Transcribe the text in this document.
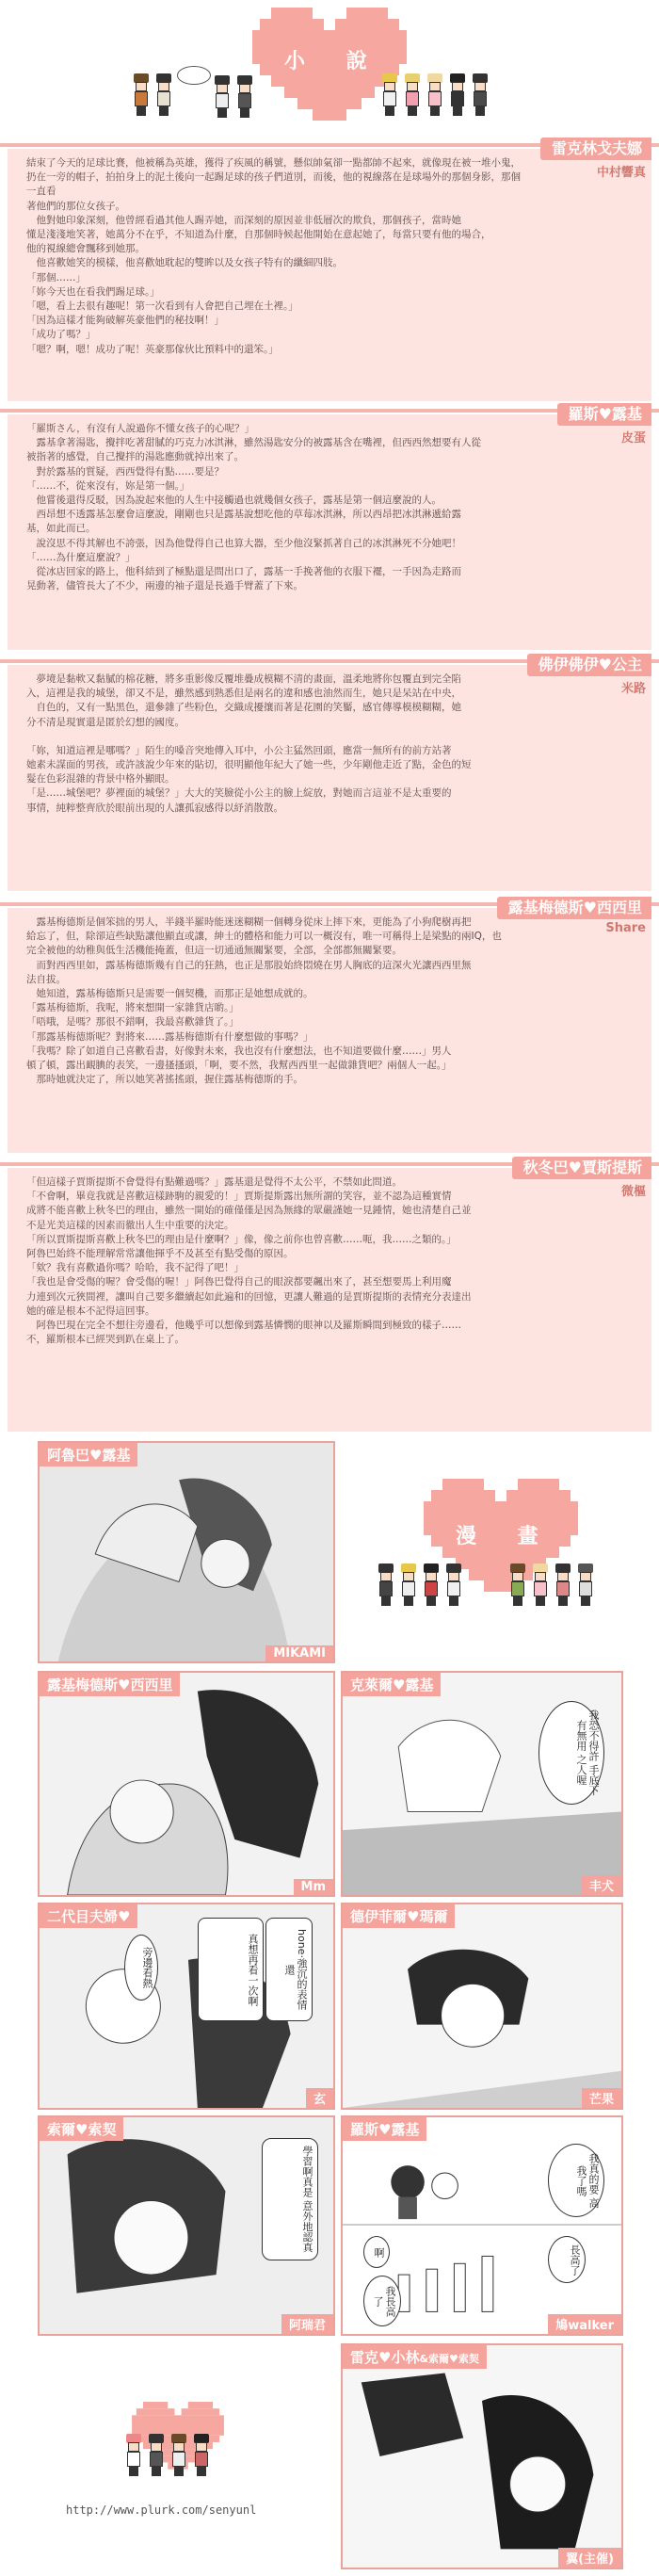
小 說
雷克林戈夫娜
中村響真

結束了今天的足球比賽，他被稱為英雄，獲得了疾風的稱號，懸似帥氣卻一點都帥不起來，就像現在被一堆小鬼，

扔在一旁的帽子，拍拍身上的泥土後向一起踢足球的孩子們道別，而後，他的視線落在是球場外的那個身影，那個一直看

著他們的那位女孩子。

　他對她印象深刻，他曾經看過其他人踢弄她，而深刻的原因並非低層次的欺負，那個孩子，當時她

懂是淺淺地笑著，她萬分不在乎，不知道為什麼，自那個時候起他開始在意起她了，每當只要有他的場合，

他的視線總會飄移到她那。

　他喜歡她笑的模樣，他喜歡她耽起的雙眸以及女孩子特有的纖細四肢。

「那個……」

「妳今天也在看我們踢足球。」

「嗯，看上去很有趣呢！第一次看到有人會把自己埋在土裡。」

「因為這樣才能夠破解英豪他們的秘技啊！」

「成功了嗎？」

「嗯？啊，嗯！成功了呢！英豪那傢伙比預料中的還笨。」

羅斯♥露基
皮蛋

「羅斯さん，有沒有人說過你不懂女孩子的心呢？」

　露基拿著湯匙，攪拌吃著甜膩的巧克力冰淇淋，雖然湯匙安分的被露基含在嘴裡，但西西然想要有人從

被指著的感覺，自己攪拌的湯匙應動就掉出來了。

　對於露基的質疑，西西覺得有點……要是？

「……不，從來沒有，妳是第一個。」

　他嘗後還得反駁，因為說起來他的人生中接觸過也就幾個女孩子，露基是第一個這麼說的人。

　西昂想不透露基怎麼會這麼說，剛剛也只是露基說想吃他的草莓冰淇淋，所以西昂把冰淇淋遞給露

基，如此而已。

　說沒思不得其解也不誇張，因為他覺得自己也算大器，至少他沒緊抓著自己的冰淇淋死不分她吧！

「……為什麼這麼說？」

　從冰店回家的路上，他科結到了極點還是問出口了，露基一手挽著他的衣服下襬，一手因為走路而

晃動著，儘管長大了不少，兩邊的袖子還是長過手臂蓋了下來。

佛伊佛伊♥公主
米路

　夢境是黏軟又黏膩的棉花糖，將多重影像反覆堆疊成模糊不清的畫面，溫柔地將你包覆直到完全陷

入，這裡是我的城堡，卻又不是，雖然感到熟悉但是兩名的違和感也油然而生，她只是呆站在中央，

　自色的，又有一點黑色，還參雜了些粉色，交織成擾攘而著是花園的笑靨，感官傳導模模糊糊，她

分不清是現實還是匿於幻想的國度。

「妳，知道這裡是哪嗎？」陌生的嗓音突地傳入耳中，小公主猛然回頭，應當一無所有的前方站著

她素未謀面的男孩，或許該說少年來的貼切，很明顯他年紀大了她一些，少年剛他走近了點，金色的短

髮在色彩混雜的背景中格外顯眼。

「是……城堡吧？夢裡面的城堡？」大大的笑臉從小公主的臉上綻放，對她而言這並不是太重要的

事情，純粹整齊欣於眼前出現的人讓孤寂感得以紓消散散。

露基梅德斯♥西西里
Share

　露基梅德斯是個笨拙的男人，半錢半羅時能迷迷糊糊一個轉身從床上摔下來，更能為了小狗爬樹再把

給忘了，但，除卻這些缺點讓他顯直或讓，紳士的體格和能力可以一概沒有，唯一可稱得上是梁點的兩IQ，也

完全被他的幼稚與低生活機能掩蓋，但這一切通通無關緊要，全部，全部都無關緊要。

　而對西西里如，露基梅德斯幾有自己的狂熱，也正是那股始終悶燒在男人胸底的這深火光讓西西里無

法自拔。

　她知道，露基梅德斯只是需要一個契機，而那正是她想成就的。

「露基梅德斯，我呢，將來想開一家雜貨店喲。」

「唔哦，是嗎？那很不錯啊，我最喜歡雜貨了。」

「那露基梅德斯呢？對將來……露基梅德斯有什麼想做的事嗎？」

「我嗎？除了如道自己喜歡看書，好像對未來，我也沒有什麼想法，也不知道要做什麼……」男人

頓了頓，露出靦腆的表笑，一邊搔搔頭，「啊，要不然，我幫西西里一起做雜貨吧？兩個人一起。」

　那時她就決定了，所以她笑著搖搖頭，握住露基梅德斯的手。

秋冬巴♥賈斯提斯
微樞

「但這樣子賈斯提斯不會覺得有點難過嗎？」露基還是覺得不太公平，不禁如此問道。

「不會啊，畢竟我就是喜歡這樣跡駒的親愛的！」賈斯提斯露出無所謂的笑容，並不認為這種實情

成將不能喜歡上秋冬巴的理由，雖然一開始的確僅僅是因為無緣的眾嚴謹她一見鍾情，她也清楚自己並

不是光美這樣的因素而徹出人生中重要的決定。

「所以賈斯提斯喜歡上秋冬巴的理由是什麼啊？」像，像之前你也曾喜歡……呃，我……之類的。」

阿魯巴始終不能理解常常讓他揮乎不及甚至有點受傷的原因。

「欸？我有喜歡過你嗎？哈哈，我不記得了吧！」

「我也是會受傷的喔？會受傷的喔！」阿魯巴覺得自己的眼淚都要飆出來了，甚至想要馬上利用魔

力連到次元狹間裡，讓叫自己要多繼續起如此遍和的回憶，更讓人難過的是賈斯提斯的表情充分表達出

她的確是根本不記得這回事。

　阿魯巴現在完全不想往旁邊看，他幾乎可以想像到露基憐憫的眼神以及羅斯瞬間到極致的樣子……

不，羅斯根本已經哭到趴在桌上了。

阿魯巴♥露基
MIKAMI
漫 畫
露基梅德斯♥西西里
Mm
我恐不得許 手底下有無用 之人喔
克萊爾♥露基
丰犬
旁邊看熱	真想再看一次啊	hone·強沉的表情還
二代目夫婦♥
玄
德伊菲爾♥瑪爾
芒果
學習啊真是 意外地認真
索爾♥索契
阿瑞君
我真的要 高我了嗎
長高了
啊
我長高了
羅斯♥露基
鳩walker
http://www.plurk.com/senyunl
雷克♥小林&索爾♥索契
翼(主催)
